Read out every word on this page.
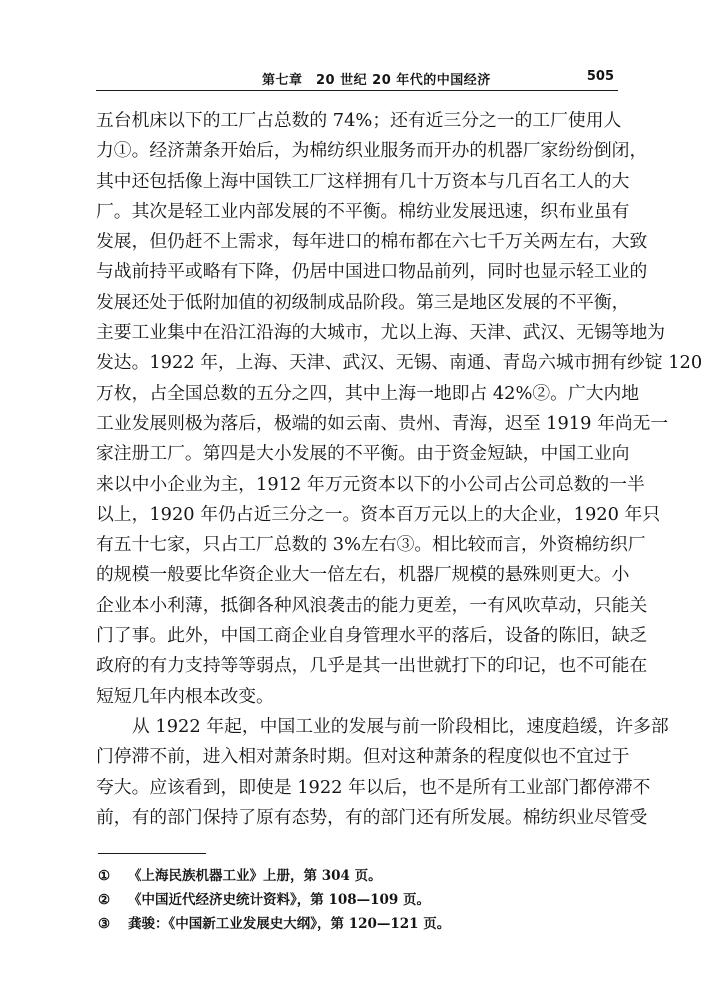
第七章　20 世纪 20 年代的中国经济	505
五台机床以下的工厂占总数的 74%；还有近三分之一的工厂使用人
力①。经济萧条开始后，为棉纺织业服务而开办的机器厂家纷纷倒闭，
其中还包括像上海中国铁工厂这样拥有几十万资本与几百名工人的大
厂。其次是轻工业内部发展的不平衡。棉纺业发展迅速，织布业虽有
发展，但仍赶不上需求，每年进口的棉布都在六七千万关两左右，大致
与战前持平或略有下降，仍居中国进口物品前列，同时也显示轻工业的
发展还处于低附加值的初级制成品阶段。第三是地区发展的不平衡，
主要工业集中在沿江沿海的大城市，尤以上海、天津、武汉、无锡等地为
发达。1922 年，上海、天津、武汉、无锡、南通、青岛六城市拥有纱锭 120
万枚，占全国总数的五分之四，其中上海一地即占 42%②。广大内地
工业发展则极为落后，极端的如云南、贵州、青海，迟至 1919 年尚无一
家注册工厂。第四是大小发展的不平衡。由于资金短缺，中国工业向
来以中小企业为主，1912 年万元资本以下的小公司占公司总数的一半
以上，1920 年仍占近三分之一。资本百万元以上的大企业，1920 年只
有五十七家，只占工厂总数的 3%左右③。相比较而言，外资棉纺织厂
的规模一般要比华资企业大一倍左右，机器厂规模的悬殊则更大。小
企业本小利薄，抵御各种风浪袭击的能力更差，一有风吹草动，只能关
门了事。此外，中国工商企业自身管理水平的落后，设备的陈旧，缺乏
政府的有力支持等等弱点，几乎是其一出世就打下的印记，也不可能在
短短几年内根本改变。
从 1922 年起，中国工业的发展与前一阶段相比，速度趋缓，许多部
门停滞不前，进入相对萧条时期。但对这种萧条的程度似也不宜过于
夸大。应该看到，即使是 1922 年以后，也不是所有工业部门都停滞不
前，有的部门保持了原有态势，有的部门还有所发展。棉纺织业尽管受
① 《上海民族机器工业》上册，第 304 页。
② 《中国近代经济史统计资料》，第 108—109 页。
③ 龚骏：《中国新工业发展史大纲》，第 120—121 页。
